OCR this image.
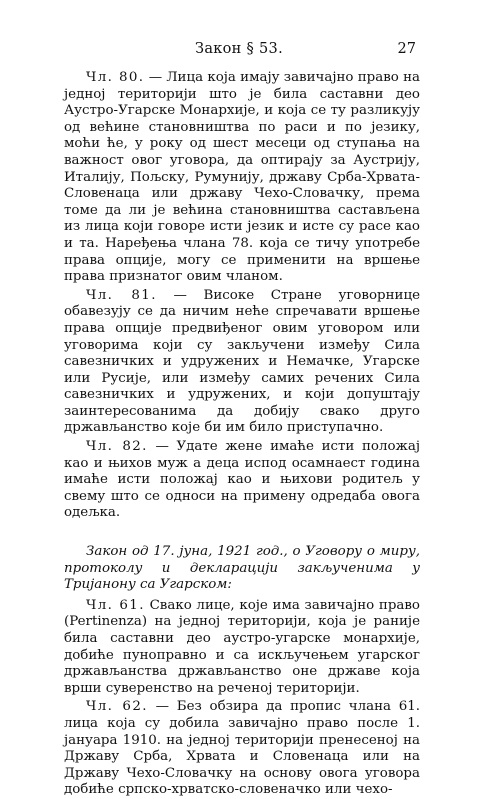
Закон § 53.	27

Чл. 80. — Лица која имају завичајно право на једној територији што је била саставни део Аустро-Угарске Монархије, и која се ту разликују од већине становништва по раси и по језику, моћи ће, у року од шест месеци од ступања на важност овог уговора, да оптирају за Аустрију, Италију, Пољску, Румунију, државу Срба-Хрвата-Словенаца или државу Чехо-Словачку, према томе да ли је већина становништва састављена из лица који говоре исти језик и исте су расе као и та. Наређења члана 78. која се тичу употребе права опције, могу се применити на вршење права признатог овим чланом.

Чл. 81. — Високе Стране уговорнице обавезују се да ничим неће спречавати вршење права опције предвиђеног овим уговором или уговорима који су закључени између Сила савезничких и удружених и Немачке, Угарске или Русије, или између самих речених Сила савезничких и удружених, и који допуштају заинтересованима да добију свако друго држављанство које би им било приступачно.

Чл. 82. — Удате жене имаће исти положај као и њихов муж а деца испод осамнаест година имаће исти положај као и њихови родитељ у свему што се односи на примену одредаба овога одељка.

Закон од 17. јуна, 1921 год., о Уговору о миру, протоколу и декларацији закљученима у Тријанону са Угарском:

Чл. 61. Свако лице, које има завичајно право (Pertinenza) на једној територији, која је раније била саставни део аустро-угарске монархије, добиће пуноправно и са искључењем угарског држављанства држављанство оне државе која врши суверенство на реченој територији.

Чл. 62. — Без обзира да пропис члана 61. лица која су добила завичајно право после 1. јануара 1910. на једној територији пренесеној на Државу Срба, Хрвата и Словенаца или на Државу Чехо-Словачку на основу овога уговора добиће српско-хрватско-словеначко или чехо-
